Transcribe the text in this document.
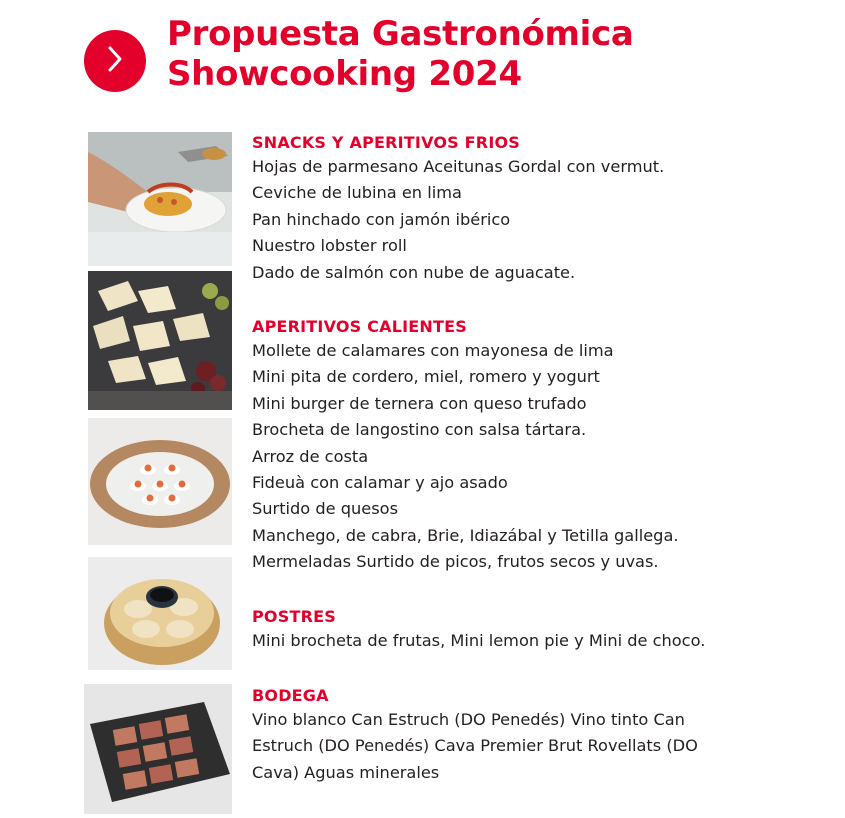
Propuesta Gastronómica
Showcooking 2024
SNACKS Y APERITIVOS FRIOS
Hojas de parmesano Aceitunas Gordal con vermut.
Ceviche de lubina en lima
Pan hinchado con jamón ibérico
Nuestro lobster roll
Dado de salmón con nube de aguacate.
APERITIVOS CALIENTES
Mollete de calamares con mayonesa de lima
Mini pita de cordero, miel, romero y yogurt
Mini burger de ternera con queso trufado
Brocheta de langostino con salsa tártara.
Arroz de costa
Fideuà con calamar y ajo asado
Surtido de quesos
Manchego, de cabra, Brie, Idiazábal y Tetilla gallega.
Mermeladas Surtido de picos, frutos secos y uvas.
POSTRES
Mini brocheta de frutas, Mini lemon pie y Mini de choco.
BODEGA

Vino blanco Can Estruch (DO Penedés) Vino tinto Can Estruch (DO Penedés) Cava Premier Brut Rovellats (DO Cava) Aguas minerales
